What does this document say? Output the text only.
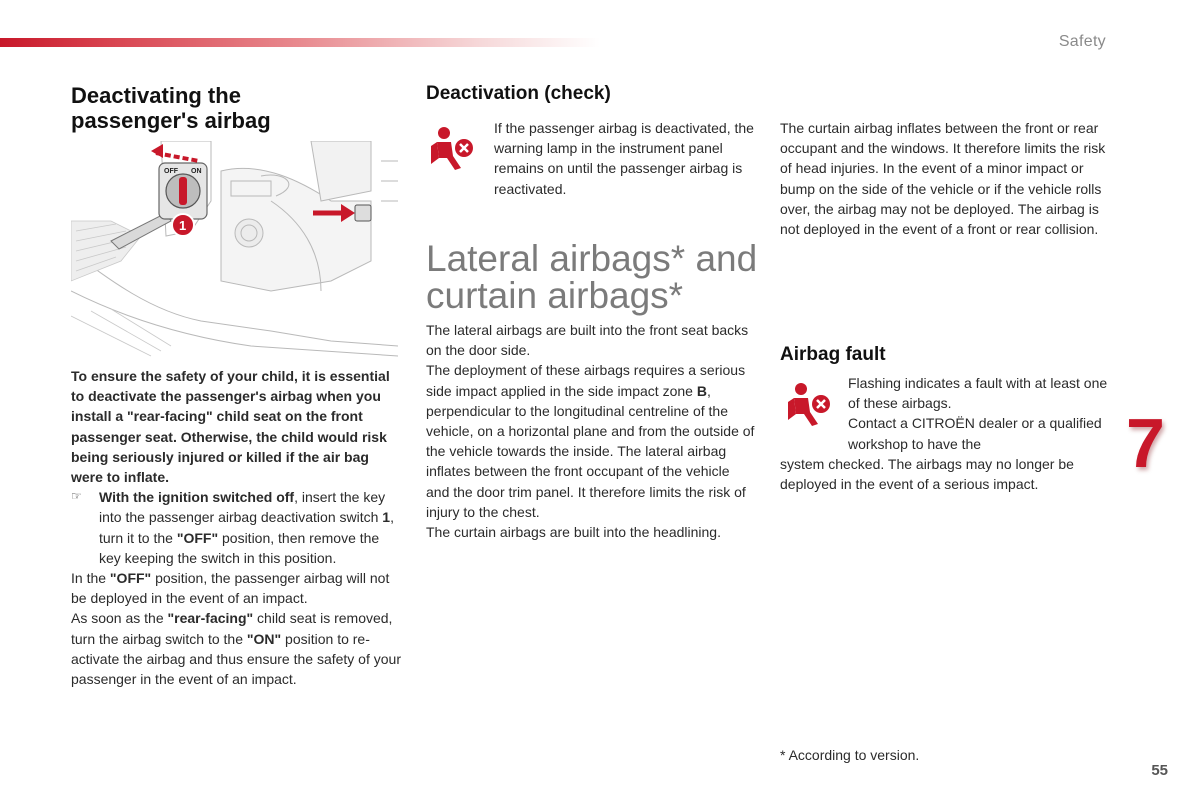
Safety
7
55
Deactivating the passenger's airbag
OFF ON
1

To ensure the safety of your child, it is essential to deactivate the passenger's airbag when you install a "rear-facing" child seat on the front passenger seat. Otherwise, the child would risk being seriously injured or killed if the air bag were to inflate.

☞	With the ignition switched off, insert the key into the passenger airbag deactivation switch 1, turn it to the "OFF" position, then remove the key keeping the switch in this position.

In the "OFF" position, the passenger airbag will not be deployed in the event of an impact.

As soon as the "rear-facing" child seat is removed, turn the airbag switch to the "ON" position to re-activate the airbag and thus ensure the safety of your passenger in the event of an impact.

Deactivation (check)

If the passenger airbag is deactivated, the warning lamp in the instrument panel remains on until the passenger airbag is reactivated.

Lateral airbags* and curtain airbags*

The lateral airbags are built into the front seat backs on the door side.

The deployment of these airbags requires a serious side impact applied in the side impact zone B, perpendicular to the longitudinal centreline of the vehicle, on a horizontal plane and from the outside of the vehicle towards the inside. The lateral airbag inflates between the front occupant of the vehicle and the door trim panel. It therefore limits the risk of injury to the chest.

The curtain airbags are built into the headlining.

The curtain airbag inflates between the front or rear occupant and the windows. It therefore limits the risk of head injuries. In the event of a minor impact or bump on the side of the vehicle or if the vehicle rolls over, the airbag may not be deployed. The airbag is not deployed in the event of a front or rear collision.

Airbag fault

Flashing indicates a fault with at least one of these airbags.

Contact a CITROËN dealer or a qualified workshop to have the

system checked. The airbags may no longer be deployed in the event of a serious impact.

* According to version.
